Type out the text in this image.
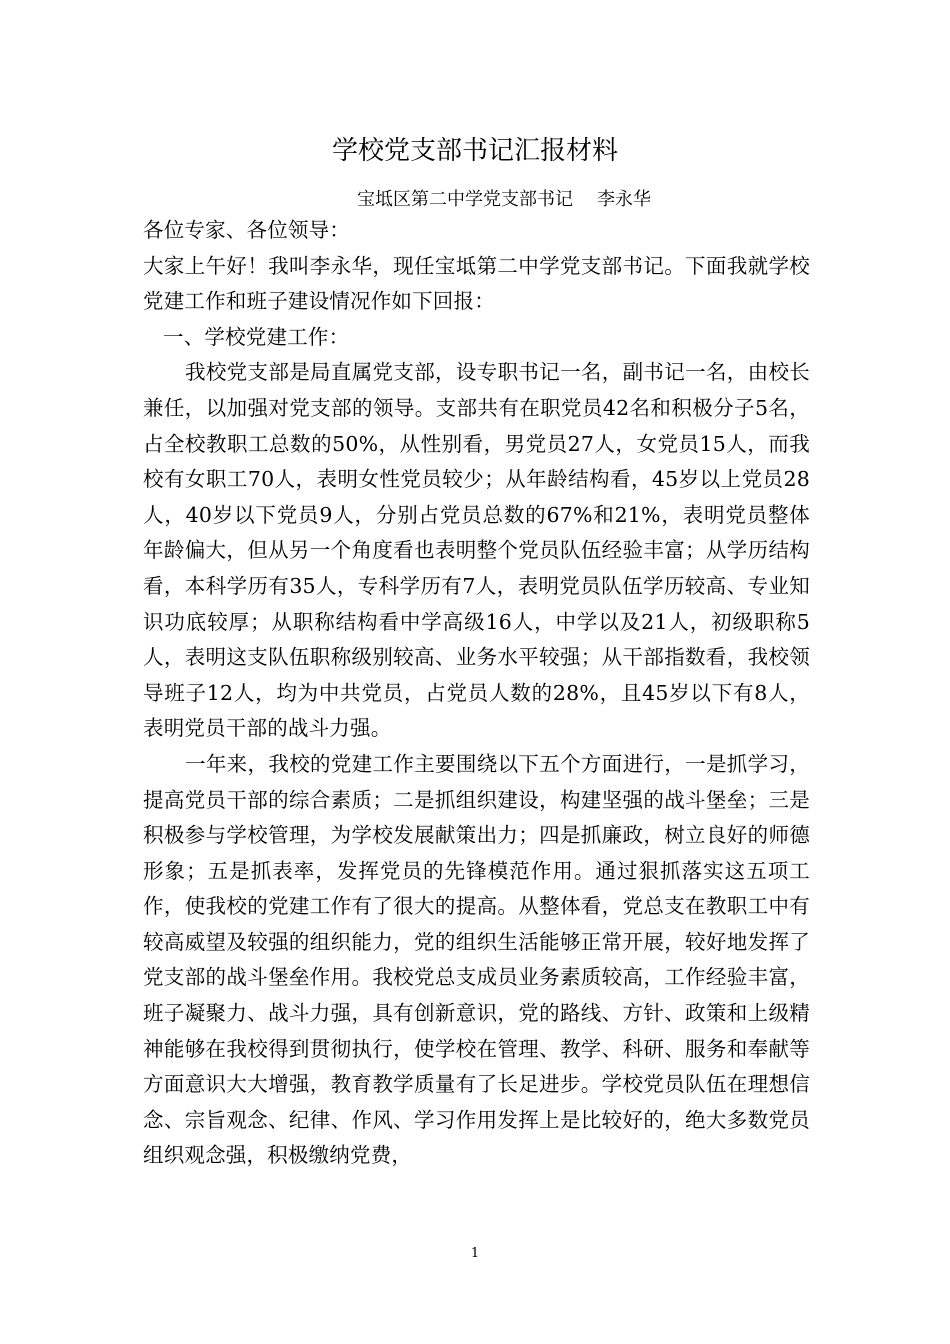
学校党支部书记汇报材料
宝坻区第二中学党支部书记 李永华

各位专家、各位领导：

大家上午好！我叫李永华，现任宝坻第二中学党支部书记。下面我就学校党建工作和班子建设情况作如下回报：

一、学校党建工作：

我校党支部是局直属党支部，设专职书记一名，副书记一名，由校长兼任，以加强对党支部的领导。支部共有在职党员42名和积极分子5名，占全校教职工总数的50%，从性别看，男党员27人，女党员15人，而我校有女职工70人，表明女性党员较少；从年龄结构看，45岁以上党员28人，40岁以下党员9人，分别占党员总数的67%和21%，表明党员整体年龄偏大，但从另一个角度看也表明整个党员队伍经验丰富；从学历结构看，本科学历有35人，专科学历有7人，表明党员队伍学历较高、专业知识功底较厚；从职称结构看中学高级16人，中学以及21人，初级职称5人，表明这支队伍职称级别较高、业务水平较强；从干部指数看，我校领导班子12人，均为中共党员，占党员人数的28%，且45岁以下有8人，表明党员干部的战斗力强。

一年来，我校的党建工作主要围绕以下五个方面进行，一是抓学习，提高党员干部的综合素质；二是抓组织建设，构建坚强的战斗堡垒；三是积极参与学校管理，为学校发展献策出力；四是抓廉政，树立良好的师德形象；五是抓表率，发挥党员的先锋模范作用。通过狠抓落实这五项工作，使我校的党建工作有了很大的提高。从整体看，党总支在教职工中有较高威望及较强的组织能力，党的组织生活能够正常开展，较好地发挥了党支部的战斗堡垒作用。我校党总支成员业务素质较高，工作经验丰富，班子凝聚力、战斗力强，具有创新意识，党的路线、方针、政策和上级精神能够在我校得到贯彻执行，使学校在管理、教学、科研、服务和奉献等方面意识大大增强，教育教学质量有了长足进步。学校党员队伍在理想信念、宗旨观念、纪律、作风、学习作用发挥上是比较好的，绝大多数党员组织观念强，积极缴纳党费，

1
